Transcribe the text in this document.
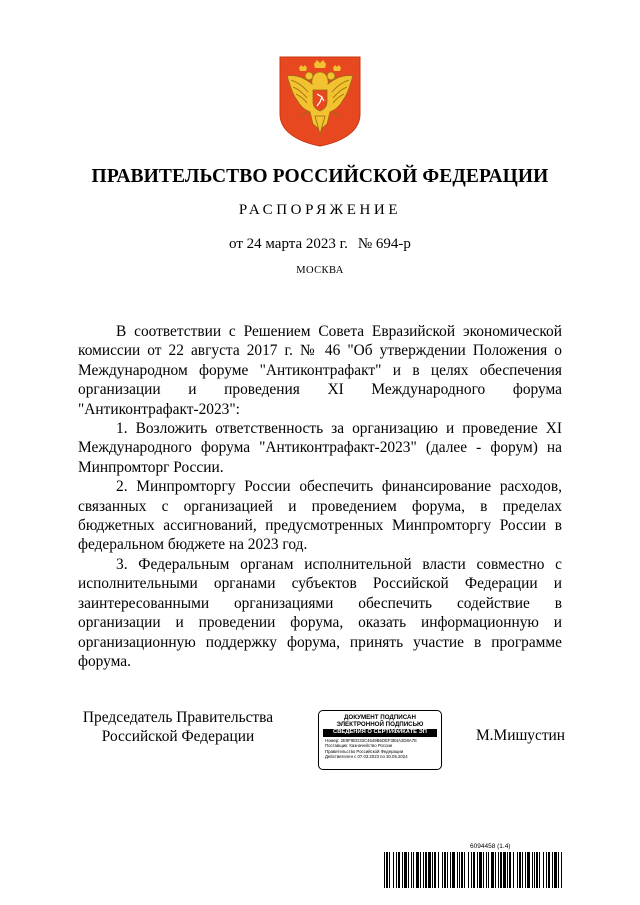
ПРАВИТЕЛЬСТВО РОССИЙСКОЙ ФЕДЕРАЦИИ
РАСПОРЯЖЕНИЕ
от 24 марта 2023 г. № 694-р
МОСКВА

В соответствии с Решением Совета Евразийской экономической комиссии от 22 августа 2017 г. № 46 "Об утверждении Положения о Международном форуме "Антиконтрафакт" и в целях обеспечения организации и проведения XI Международного форума "Антиконтрафакт-2023":

1. Возложить ответственность за организацию и проведение XI Международного форума "Антиконтрафакт-2023" (далее - форум) на Минпромторг России.

2. Минпромторгу России обеспечить финансирование расходов, связанных с организацией и проведением форума, в пределах бюджетных ассигнований, предусмотренных Минпромторгу России в федеральном бюджете на 2023 год.

3. Федеральным органам исполнительной власти совместно с исполнительными органами субъектов Российской Федерации и заинтересованными организациями обеспечить содействие в организации и проведении форума, оказать информационную и организационную поддержку форума, принять участие в программе форума.

Председатель Правительства
Российской Федерации
ДОКУМЕНТ ПОДПИСАН
ЭЛЕКТРОННОЙ ПОДПИСЬЮ
СВЕДЕНИЯ О СЕРТИФИКАТЕ ЭП
Номер: 2E9F9ED33C4649B6DEF3B4A3D8A7E
Поставщик: Казначейство России
Правительство Российской Федерации
Действителен с 07.03.2023 по 30.05.2024
М.Мишустин
6094458 (1.4)
